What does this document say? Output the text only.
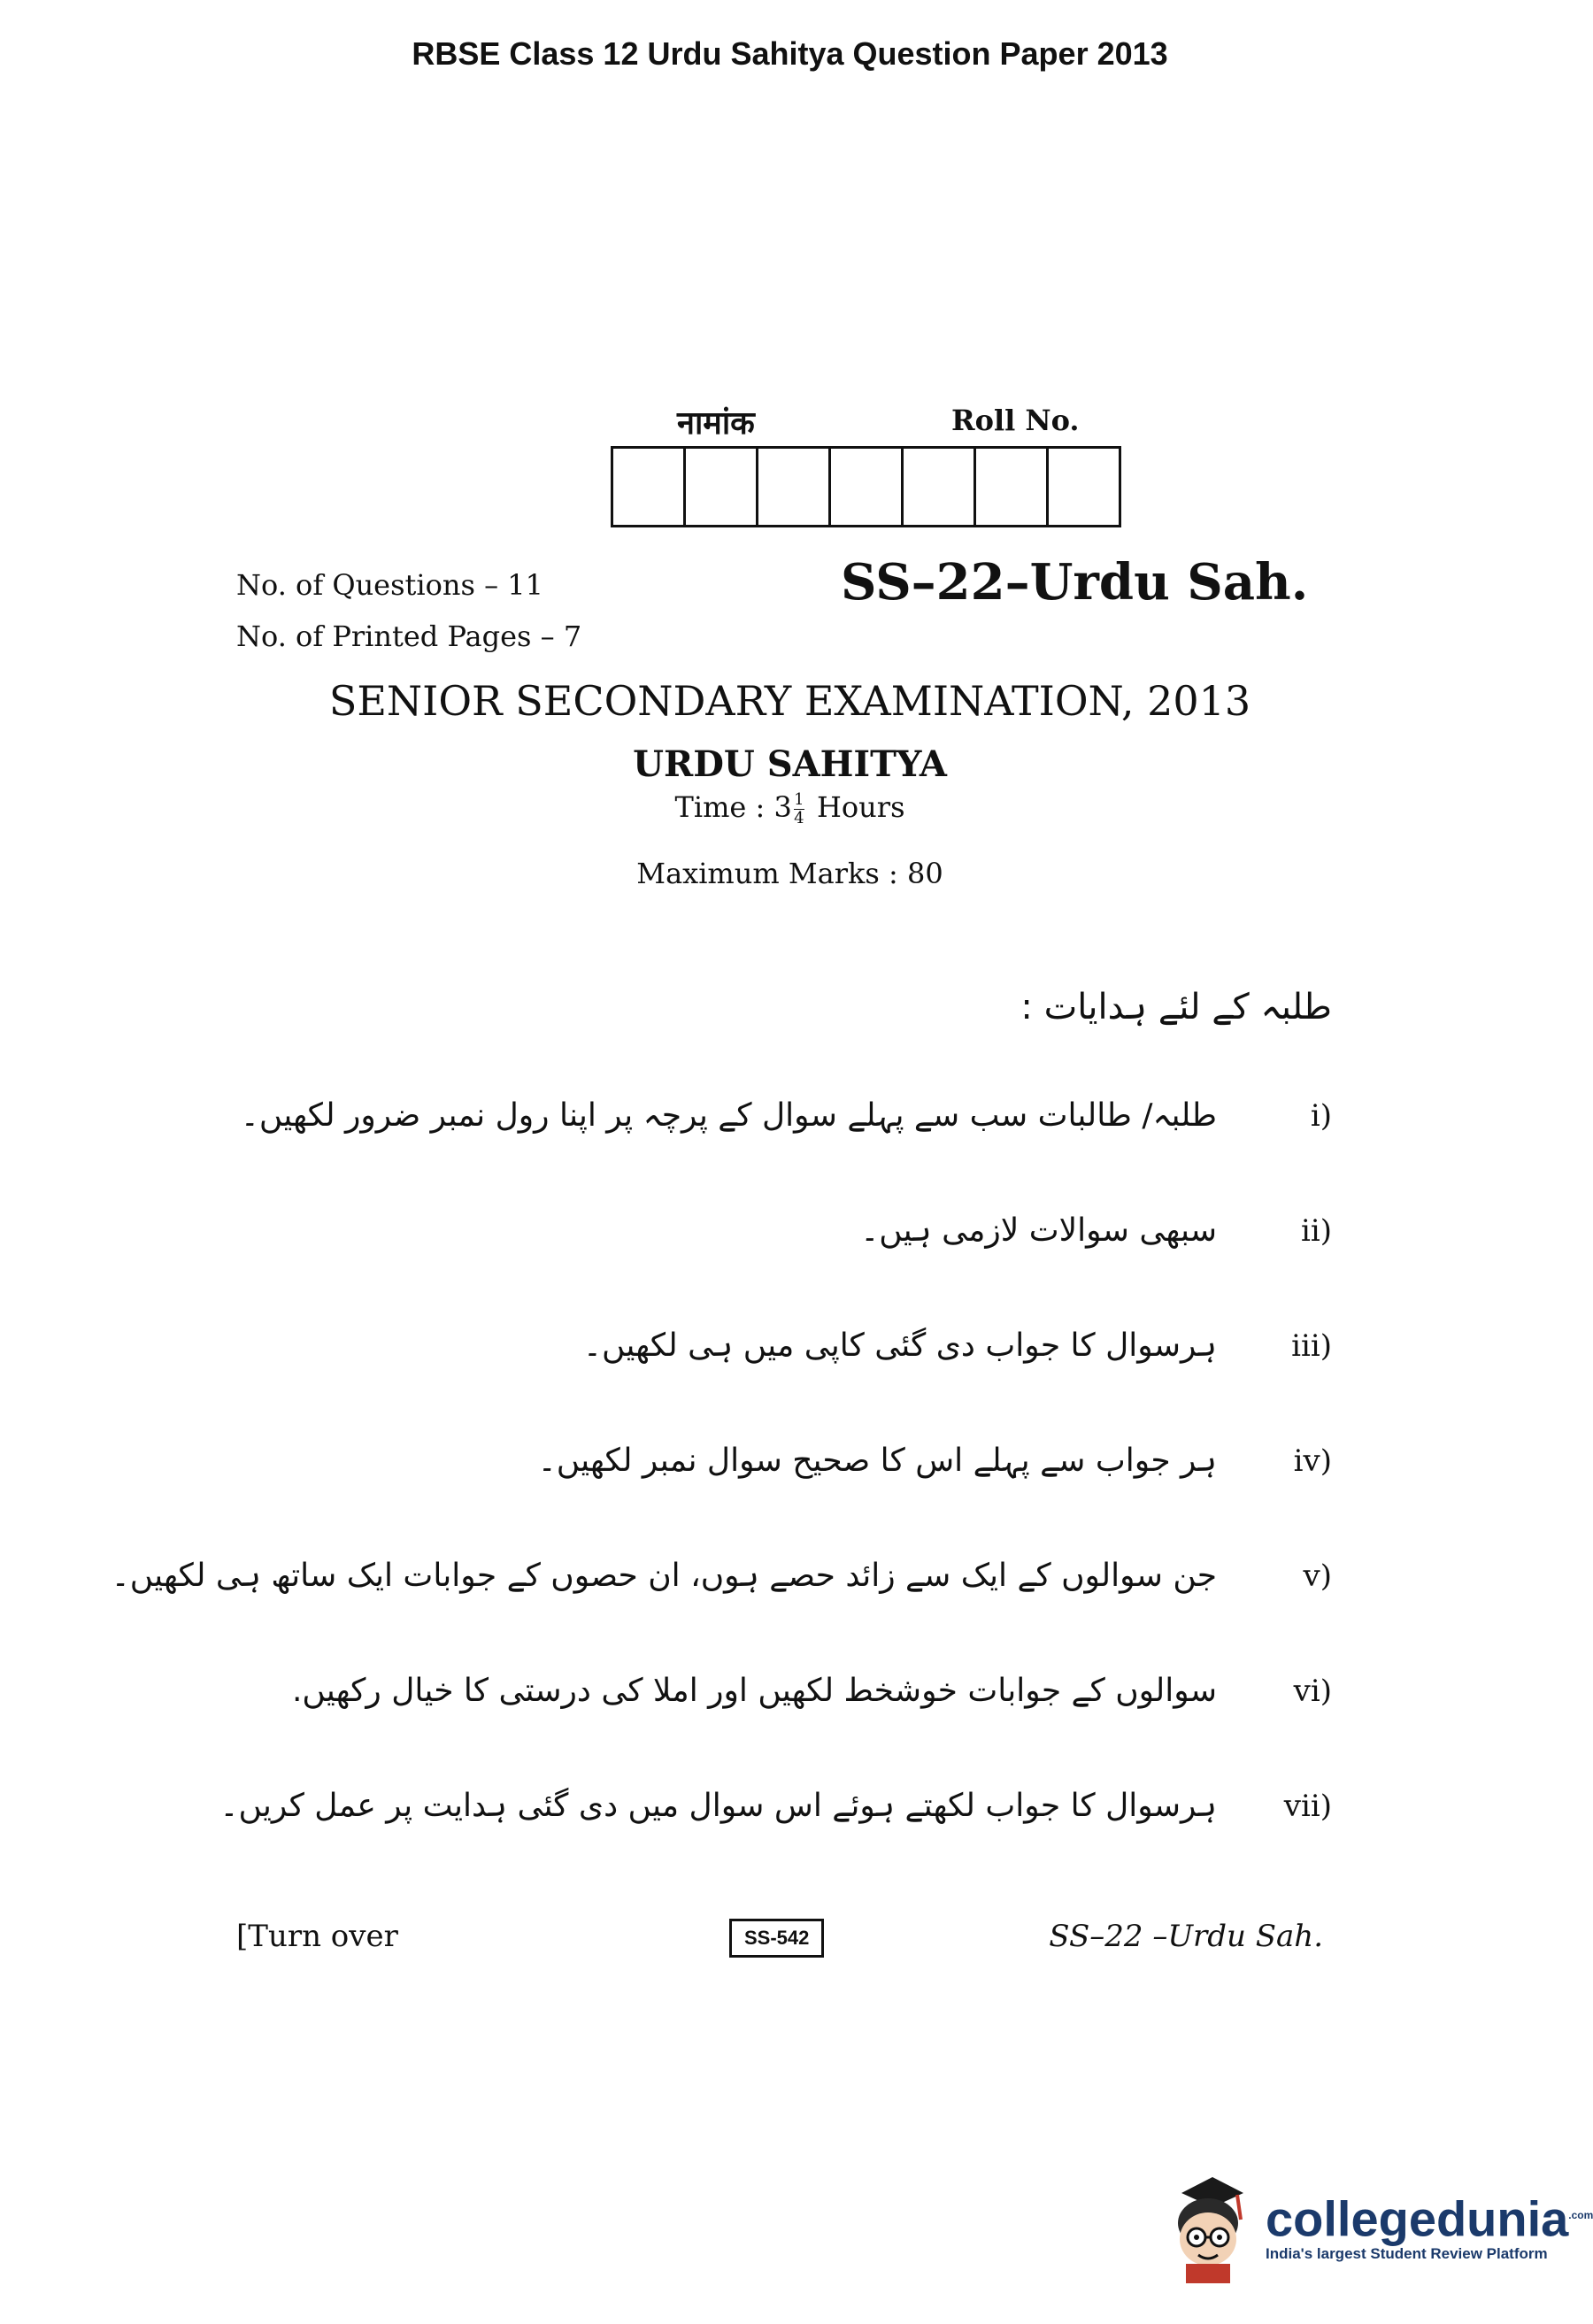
RBSE Class 12 Urdu Sahitya Question Paper 2013
नामांक	Roll No.
No. of Questions – 11
No. of Printed Pages – 7
SS–22–Urdu Sah.
SENIOR SECONDARY EXAMINATION, 2013
URDU SAHITYA
Time : $3 \frac{1}{4}$ Hours
Maximum Marks : 80
طلبہ کے لئے ہدایات :
i)
طلبہ/ طالبات سب سے پہلے سوال کے پرچہ پر اپنا رول نمبر ضرور لکھیں۔
ii)
سبھی سوالات لازمی ہیں۔
iii)
ہرسوال کا جواب دی گئی کاپی میں ہی لکھیں۔
iv)
ہر جواب سے پہلے اس کا صحیح سوال نمبر لکھیں۔
v)
جن سوالوں کے ایک سے زائد حصے ہوں، ان حصوں کے جوابات ایک ساتھ ہی لکھیں۔
vi)
سوالوں کے جوابات خوشخط لکھیں اور املا کی درستی کا خیال رکھیں.
vii)
ہرسوال کا جواب لکھتے ہوئے اس سوال میں دی گئی ہدایت پر عمل کریں۔
[Turn over	SS-542	SS–22 –Urdu Sah.
collegedunia$^{.com}$
India's largest Student Review Platform
